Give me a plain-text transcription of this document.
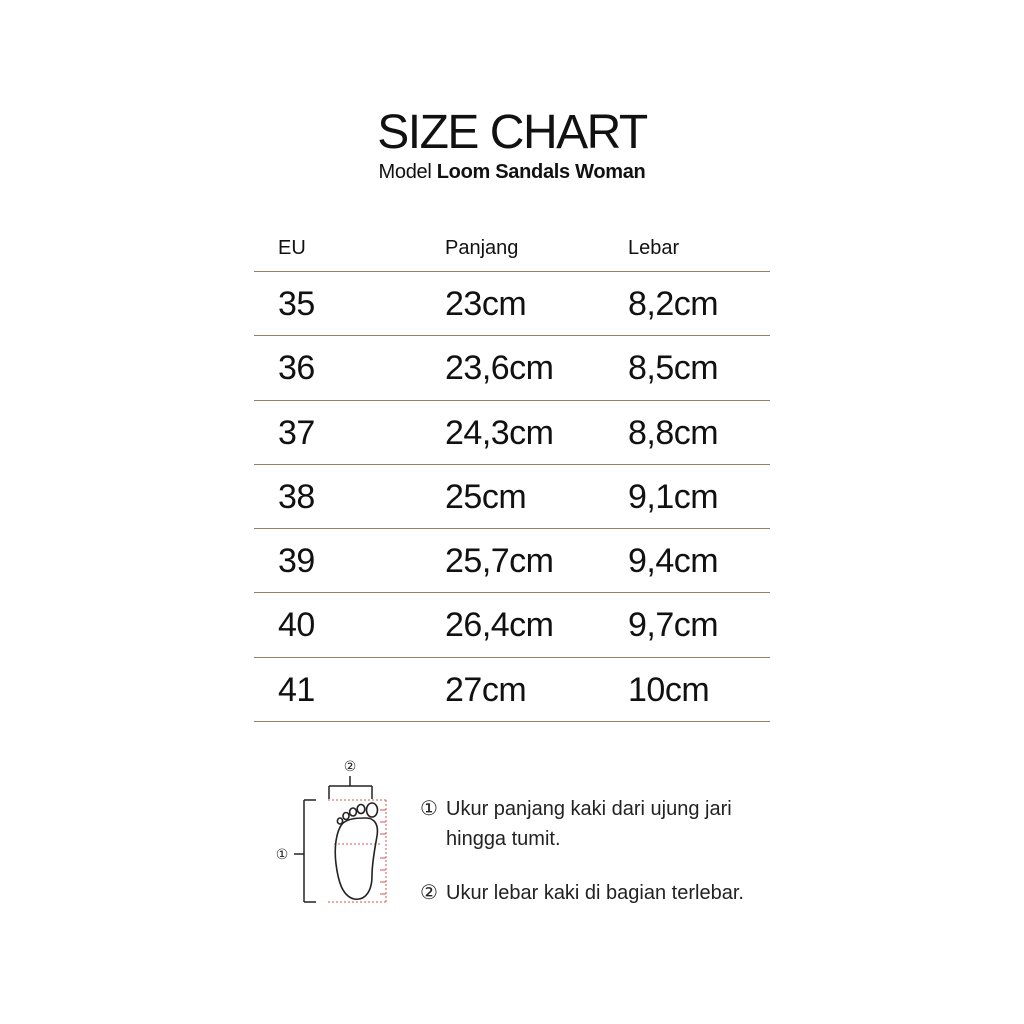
SIZE CHART
Model Loom Sandals Woman
EU	Panjang	Lebar
35	23cm	8,2cm
36	23,6cm 8,5cm
37	24,3cm 8,8cm
38	25cm	9,1cm
39	25,7cm 9,4cm
40	26,4cm 9,7cm
41	27cm	10cm
②
①
① Ukur panjang kaki dari ujung jari
hingga tumit.
② Ukur lebar kaki di bagian terlebar.
